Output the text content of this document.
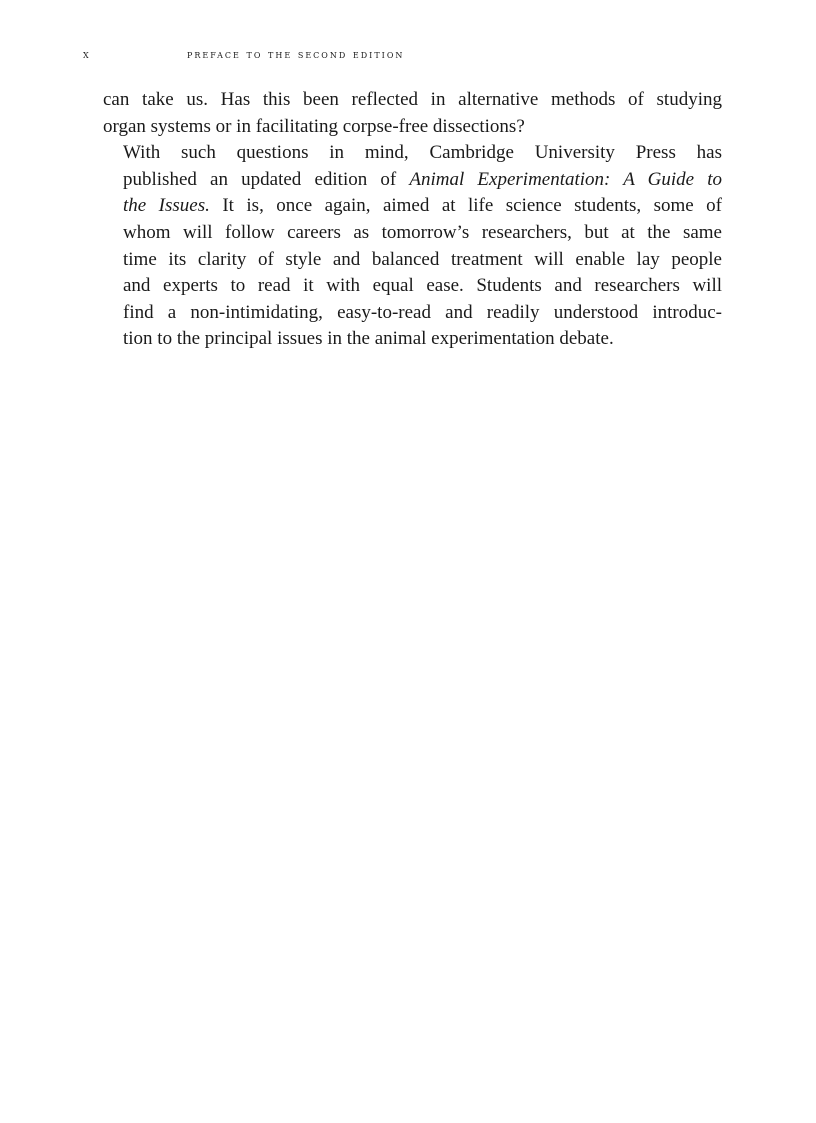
x	preface to the second edition

can take us. Has this been reflected in alternative methods of studying
organ systems or in facilitating corpse-free dissections?

With such questions in mind, Cambridge University Press has
published an updated edition of Animal Experimentation: A Guide to
the Issues. It is, once again, aimed at life science students, some of
whom will follow careers as tomorrow’s researchers, but at the same
time its clarity of style and balanced treatment will enable lay people
and experts to read it with equal ease. Students and researchers will
find a non-intimidating, easy-to-read and readily understood introduc-
tion to the principal issues in the animal experimentation debate.
